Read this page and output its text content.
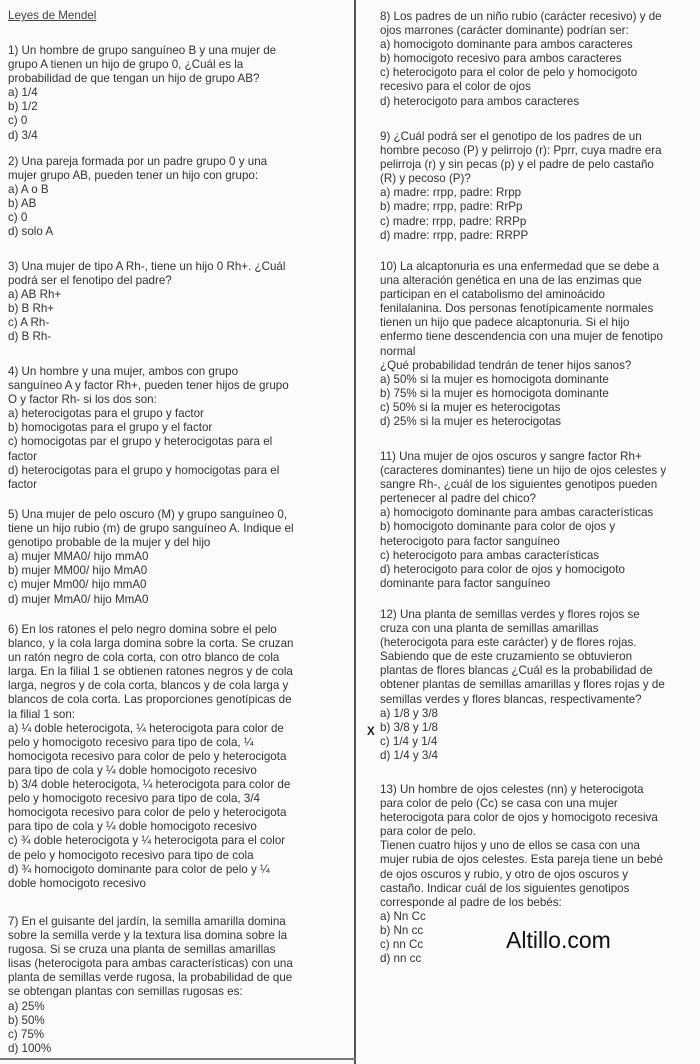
Leyes de Mendel
1) Un hombre de grupo sanguíneo B y una mujer de
grupo A tienen un hijo de grupo 0, ¿Cuál es la
probabilidad de que tengan un hijo de grupo AB?
a) 1/4
b) 1/2
c) 0
d) 3/4
2) Una pareja formada por un padre grupo 0 y una
mujer grupo AB, pueden tener un hijo con grupo:
a) A o B
b) AB
c) 0
d) solo A
3) Una mujer de tipo A Rh-, tiene un hijo 0 Rh+. ¿Cuál
podrá ser el fenotipo del padre?
a) AB Rh+
b) B Rh+
c) A Rh-
d) B Rh-
4) Un hombre y una mujer, ambos con grupo
sanguíneo A y factor Rh+, pueden tener hijos de grupo
O y factor Rh- si los dos son:
a) heterocigotas para el grupo y factor
b) homocigotas para el grupo y el factor
c) homocigotas par el grupo y heterocigotas para el
factor
d) heterocigotas para el grupo y homocigotas para el
factor
5) Una mujer de pelo oscuro (M) y grupo sanguíneo 0,
tiene un hijo rubio (m) de grupo sanguíneo A. Indique el
genotipo probable de la mujer y del hijo
a) mujer MMA0/ hijo mmA0
b) mujer MM00/ hijo MmA0
c) mujer Mm00/ hijo mmA0
d) mujer MmA0/ hijo MmA0
6) En los ratones el pelo negro domina sobre el pelo
blanco, y la cola larga domina sobre la corta. Se cruzan
un ratón negro de cola corta, con otro blanco de cola
larga. En la filial 1 se obtienen ratones negros y de cola
larga, negros y de cola corta, blancos y de cola larga y
blancos de cola corta. Las proporciones genotípicas de
la filial 1 son:
a) ¼ doble heterocigota, ¼ heterocigota para color de
pelo y homocigoto recesivo para tipo de cola, ¼
homocigota recesivo para color de pelo y heterocigota
para tipo de cola y ¼ doble homocigoto recesivo
b) 3/4 doble heterocigota, ¼ heterocigota para color de
pelo y homocigoto recesivo para tipo de cola, 3/4
homocigota recesivo para color de pelo y heterocigota
para tipo de cola y ¼ doble homocigoto recesivo
c) ¾ doble heterocigota y ¼ heterocigota para el color
de pelo y homocigoto recesivo para tipo de cola
d) ¾ homocigoto dominante para color de pelo y ¼
doble homocigoto recesivo
7) En el guisante del jardín, la semilla amarilla domina
sobre la semilla verde y la textura lisa domina sobre la
rugosa. Si se cruza una planta de semillas amarillas
lisas (heterocigota para ambas características) con una
planta de semillas verde rugosa, la probabilidad de que
se obtengan plantas con semillas rugosas es:
a) 25%
b) 50%
c) 75%
d) 100%
8) Los padres de un niño rubio (carácter recesivo) y de
ojos marrones (carácter dominante) podrían ser:
a) homocigoto dominante para ambos caracteres
b) homocigoto recesivo para ambos caracteres
c) heterocigoto para el color de pelo y homocigoto
recesivo para el color de ojos
d) heterocigoto para ambos caracteres
9) ¿Cuál podrá ser el genotipo de los padres de un
hombre pecoso (P) y pelirrojo (r): Pprr, cuya madre era
pelirroja (r) y sin pecas (p) y el padre de pelo castaño
(R) y pecoso (P)?
a) madre: rrpp, padre: Rrpp
b) madre; rrpp, padre: RrPp
c) madre: rrpp, padre: RRPp
d) madre: rrpp, padre: RRPP
10) La alcaptonuria es una enfermedad que se debe a
una alteración genética en una de las enzimas que
participan en el catabolismo del aminoácido
fenilalanina. Dos personas fenotípicamente normales
tienen un hijo que padece alcaptonuria. Si el hijo
enfermo tiene descendencia con una mujer de fenotipo
normal
¿Qué probabilidad tendrán de tener hijos sanos?
a) 50% si la mujer es homocigota dominante
b) 75% si la mujer es homocigota dominante
c) 50% si la mujer es heterocigotas
d) 25% si la mujer es heterocigotas
11) Una mujer de ojos oscuros y sangre factor Rh+
(caracteres dominantes) tiene un hijo de ojos celestes y
sangre Rh-, ¿cuál de los siguientes genotipos pueden
pertenecer al padre del chico?
a) homocigoto dominante para ambas características
b) homocigoto dominante para color de ojos y
heterocigoto para factor sanguíneo
c) heterocigoto para ambas características
d) heterocigoto para color de ojos y homocigoto
dominante para factor sanguíneo
12) Una planta de semillas verdes y flores rojos se
cruza con una planta de semillas amarillas
(heterocigota para este carácter) y de flores rojas.
Sabiendo que de este cruzamiento se obtuvieron
plantas de flores blancas ¿Cuál es la probabilidad de
obtener plantas de semillas amarillas y flores rojas y de
semillas verdes y flores blancas, respectivamente?
a) 1/8 y 3/8
b) 3/8 y 1/8
c) 1/4 y 1/4
d) 1/4 y 3/4
13) Un hombre de ojos celestes (nn) y heterocigota
para color de pelo (Cc) se casa con una mujer
heterocigota para color de ojos y homocigoto recesiva
para color de pelo.
Tienen cuatro hijos y uno de ellos se casa con una
mujer rubia de ojos celestes. Esta pareja tiene un bebé
de ojos oscuros y rubio, y otro de ojos oscuros y
castaño. Indicar cuál de los siguientes genotipos
corresponde al padre de los bebés:
a) Nn Cc
b) Nn cc
c) nn Cc
d) nn cc
X
Altillo.com
